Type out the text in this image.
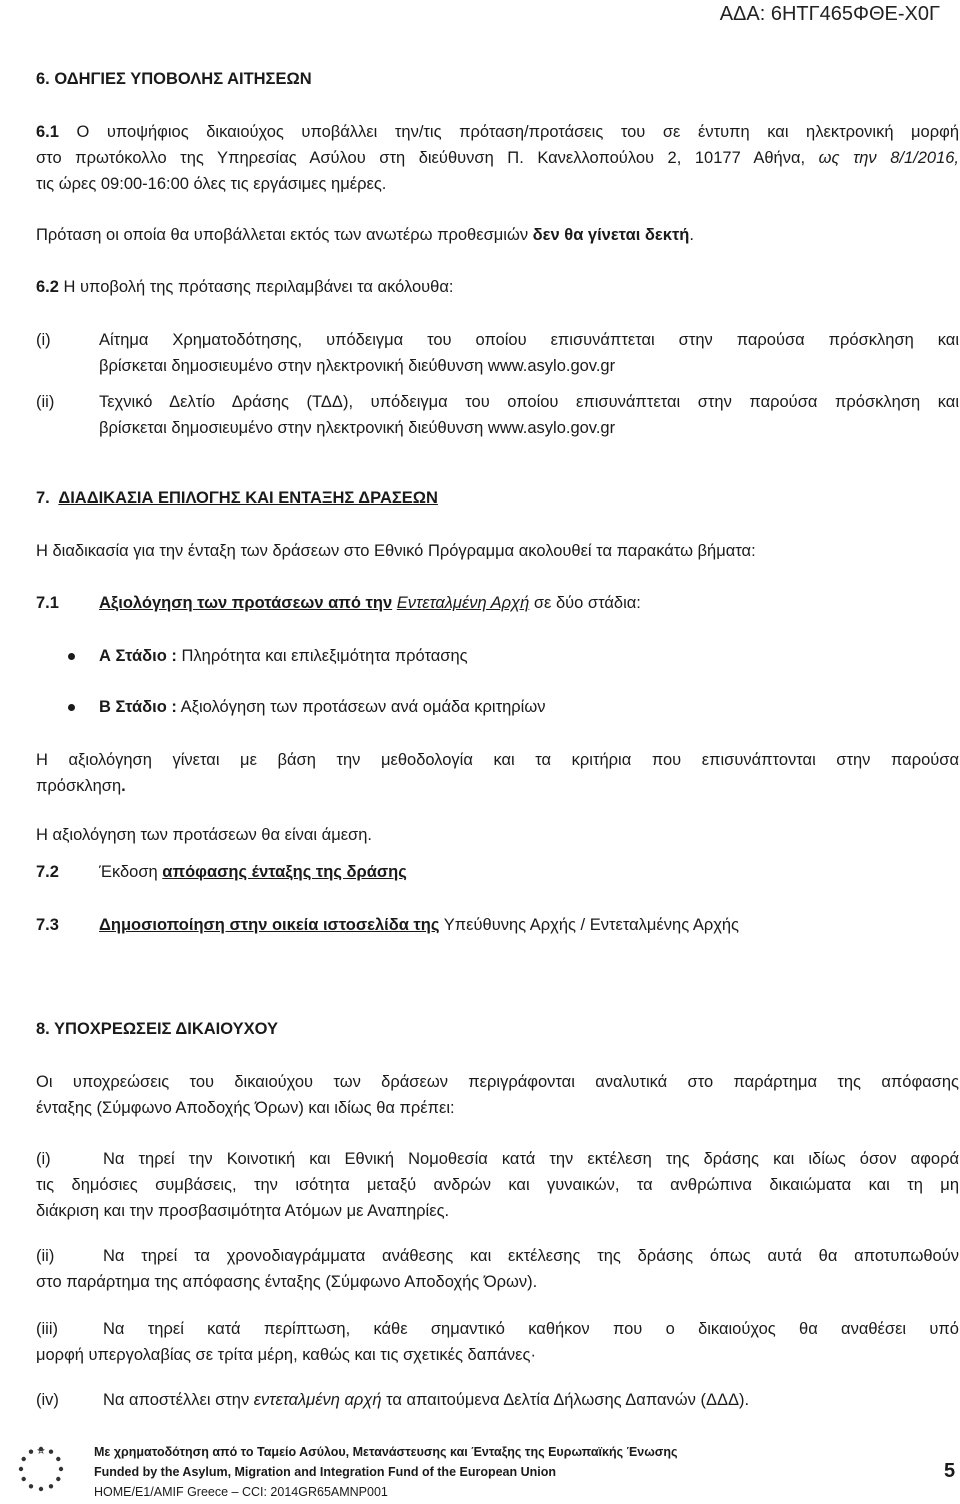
ΑΔΑ: 6ΗΤΓ465ΦΘΕ-Χ0Γ
6. ΟΔΗΓΙΕΣ ΥΠΟΒΟΛΗΣ ΑΙΤΗΣΕΩΝ
6.1 Ο υποψήφιος δικαιούχος υποβάλλει την/τις πρόταση/προτάσεις του σε έντυπη και ηλεκτρονική μορφή
στο πρωτόκολλο της Υπηρεσίας Ασύλου στη διεύθυνση Π. Κανελλοπούλου 2, 10177 Αθήνα, ως την 8/1/2016,
τις ώρες 09:00-16:00 όλες τις εργάσιμες ημέρες.
Πρόταση οι οποία θα υποβάλλεται εκτός των ανωτέρω προθεσμιών δεν θα γίνεται δεκτή.
6.2 Η υποβολή της πρότασης περιλαμβάνει τα ακόλουθα:
(i)	Αίτημα Χρηματοδότησης, υπόδειγμα του οποίου επισυνάπτεται στην παρούσα πρόσκληση και
βρίσκεται δημοσιευμένο στην ηλεκτρονική διεύθυνση www.asylo.gov.gr
(ii)	Τεχνικό Δελτίο Δράσης (ΤΔΔ), υπόδειγμα του οποίου επισυνάπτεται στην παρούσα πρόσκληση και
βρίσκεται δημοσιευμένο στην ηλεκτρονική διεύθυνση www.asylo.gov.gr
7. ΔΙΑΔΙΚΑΣΙΑ ΕΠΙΛΟΓΗΣ ΚΑΙ ΕΝΤΑΞΗΣ ΔΡΑΣΕΩΝ
Η διαδικασία για την ένταξη των δράσεων στο Εθνικό Πρόγραμμα ακολουθεί τα παρακάτω βήματα:
7.1 Αξιολόγηση των προτάσεων από την Εντεταλμένη Αρχή σε δύο στάδια:
Α Στάδιο : Πληρότητα και επιλεξιμότητα πρότασης
Β Στάδιο : Αξιολόγηση των προτάσεων ανά ομάδα κριτηρίων
Η αξιολόγηση γίνεται με βάση την μεθοδολογία και τα κριτήρια που επισυνάπτονται στην παρούσα
πρόσκληση.
Η αξιολόγηση των προτάσεων θα είναι άμεση.
7.2 Έκδοση απόφασης ένταξης της δράσης
7.3 Δημοσιοποίηση στην οικεία ιστοσελίδα της Υπεύθυνης Αρχής / Εντεταλμένης Αρχής
8. ΥΠΟΧΡΕΩΣΕΙΣ ΔΙΚΑΙΟΥΧΟΥ
Οι υποχρεώσεις του δικαιούχου των δράσεων περιγράφονται αναλυτικά στο παράρτημα της απόφασης
ένταξης (Σύμφωνο Αποδοχής Όρων) και ιδίως θα πρέπει:
(i)	Να τηρεί την Κοινοτική και Εθνική Νομοθεσία κατά την εκτέλεση της δράσης και ιδίως όσον αφορά
τις δημόσιες συμβάσεις, την ισότητα μεταξύ ανδρών και γυναικών, τα ανθρώπινα δικαιώματα και τη μη
διάκριση και την προσβασιμότητα Ατόμων με Αναπηρίες.
(ii)	Να τηρεί τα χρονοδιαγράμματα ανάθεσης και εκτέλεσης της δράσης όπως αυτά θα αποτυπωθούν
στο παράρτημα της απόφασης ένταξης (Σύμφωνο Αποδοχής Όρων).
(iii)	Να τηρεί κατά περίπτωση, κάθε σημαντικό καθήκον που ο δικαιούχος θα αναθέσει υπό
μορφή υπεργολαβίας σε τρίτα μέρη, καθώς και τις σχετικές δαπάνες·
(iv)	Να αποστέλλει στην εντεταλμένη αρχή τα απαιτούμενα Δελτία Δήλωσης Δαπανών (ΔΔΔ).
Με χρηματοδότηση από το Ταμείο Ασύλου, Μετανάστευσης και Ένταξης της Ευρωπαϊκής Ένωσης
Funded by the Asylum, Migration and Integration Fund of the European Union
HOME/E1/AMIF Greece – CCI: 2014GR65AMNP001
5
